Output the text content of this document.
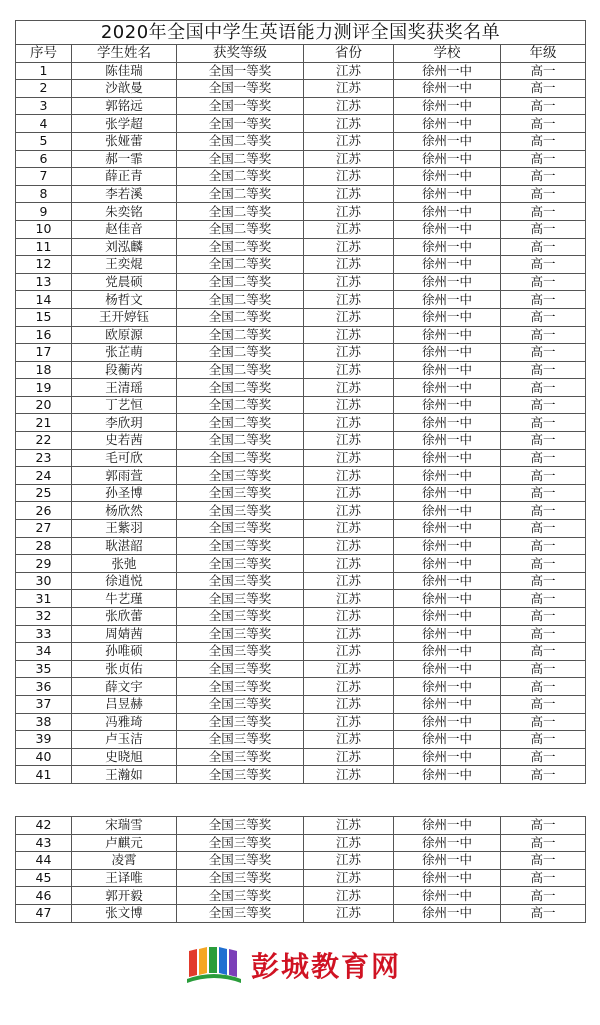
2020年全国中学生英语能力测评全国奖获奖名单					
序号	学生姓名	获奖等级	省份	学校	年级
1	陈佳瑞	全国一等奖	江苏	徐州一中	高一
2	沙歆曼	全国一等奖	江苏	徐州一中	高一
3	郭铭远	全国一等奖	江苏	徐州一中	高一
4	张学超	全国一等奖	江苏	徐州一中	高一
5	张娅蕾	全国二等奖	江苏	徐州一中	高一
6	郝一霏	全国二等奖	江苏	徐州一中	高一
7	薛正青	全国二等奖	江苏	徐州一中	高一
8	李若溪	全国二等奖	江苏	徐州一中	高一
9	朱奕铭	全国二等奖	江苏	徐州一中	高一
10	赵佳音	全国二等奖	江苏	徐州一中	高一
11	刘泓麟	全国二等奖	江苏	徐州一中	高一
12	王奕焜	全国二等奖	江苏	徐州一中	高一
13	党晨硕	全国二等奖	江苏	徐州一中	高一
14	杨哲文	全国二等奖	江苏	徐州一中	高一
15	王开婷钰	全国二等奖	江苏	徐州一中	高一
16	欧原源	全国二等奖	江苏	徐州一中	高一
17	张芷萌	全国二等奖	江苏	徐州一中	高一
18	段蘅芮	全国二等奖	江苏	徐州一中	高一
19	王清瑶	全国二等奖	江苏	徐州一中	高一
20	丁艺恒	全国二等奖	江苏	徐州一中	高一
21	李欣玥	全国二等奖	江苏	徐州一中	高一
22	史若茜	全国二等奖	江苏	徐州一中	高一
23	毛可欣	全国二等奖	江苏	徐州一中	高一
24	郭雨萱	全国三等奖	江苏	徐州一中	高一
25	孙圣博	全国三等奖	江苏	徐州一中	高一
26	杨欣然	全国三等奖	江苏	徐州一中	高一
27	王紫羽	全国三等奖	江苏	徐州一中	高一
28	耿湛韶	全国三等奖	江苏	徐州一中	高一
29	张弛	全国三等奖	江苏	徐州一中	高一
30	徐逍悦	全国三等奖	江苏	徐州一中	高一
31	牛艺瑾	全国三等奖	江苏	徐州一中	高一
32	张欣蕾	全国三等奖	江苏	徐州一中	高一
33	周婧茜	全国三等奖	江苏	徐州一中	高一
34	孙唯硕	全国三等奖	江苏	徐州一中	高一
35	张贞佑	全国三等奖	江苏	徐州一中	高一
36	薛文宇	全国三等奖	江苏	徐州一中	高一
37	吕昱赫	全国三等奖	江苏	徐州一中	高一
38	冯雅琦	全国三等奖	江苏	徐州一中	高一
39	卢玉洁	全国三等奖	江苏	徐州一中	高一
40	史晓旭	全国三等奖	江苏	徐州一中	高一
41	王瀚如	全国三等奖	江苏	徐州一中	高一
42	宋瑞雪	全国三等奖	江苏	徐州一中	高一
43	卢麒元	全国三等奖	江苏	徐州一中	高一
44	凌霄	全国三等奖	江苏	徐州一中	高一
45	王译唯	全国三等奖	江苏	徐州一中	高一
46	郭开毅	全国三等奖	江苏	徐州一中	高一
47	张文博	全国三等奖	江苏	徐州一中	高一
彭城教育网
